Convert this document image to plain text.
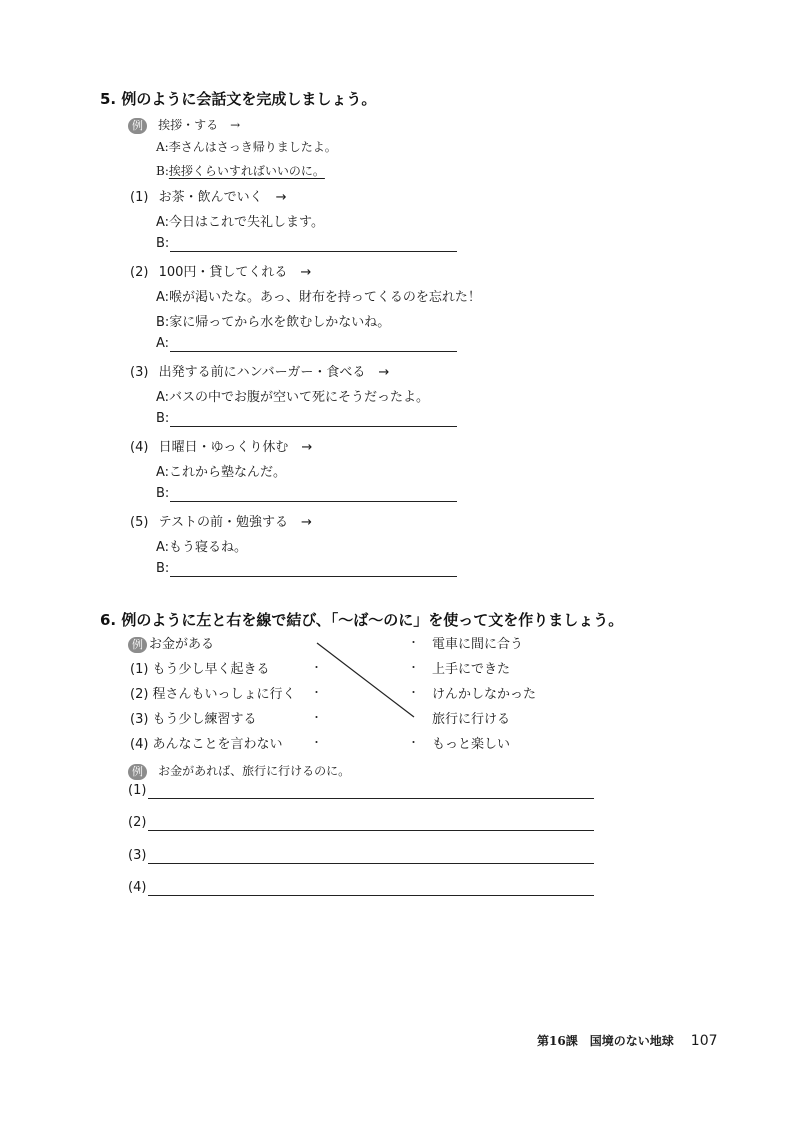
5. 例のように会話文を完成しましょう。
例 挨拶・する　→
A:李さんはさっき帰りましたよ。
B:挨拶くらいすればいいのに。
(1) お茶・飲んでいく　→
A:今日はこれで失礼します。
B:
(2) 100円・貸してくれる　→
A:喉が渇いたな。あっ、財布を持ってくるのを忘れた！
B:家に帰ってから水を飲むしかないね。
A:
(3) 出発する前にハンバーガー・食べる　→
A:バスの中でお腹が空いて死にそうだったよ。
B:
(4) 日曜日・ゆっくり休む　→
A:これから塾なんだ。
B:
(5) テストの前・勉強する　→
A:もう寝るね。
B:
6. 例のように左と右を線で結び、「〜ば〜のに」を使って文を作りましょう。
例 お金がある
(1) もう少し早く起きる
(2) 程さんもいっしょに行く
(3) もう少し練習する
(4) あんなことを言わない
・
・
・
・
・
・
・
・
電車に間に合う
上手にできた
けんかしなかった
旅行に行ける
もっと楽しい
例 お金があれば、旅行に行けるのに。
(1)
(2)
(3)
(4)
第16課　国境のない地球 107
